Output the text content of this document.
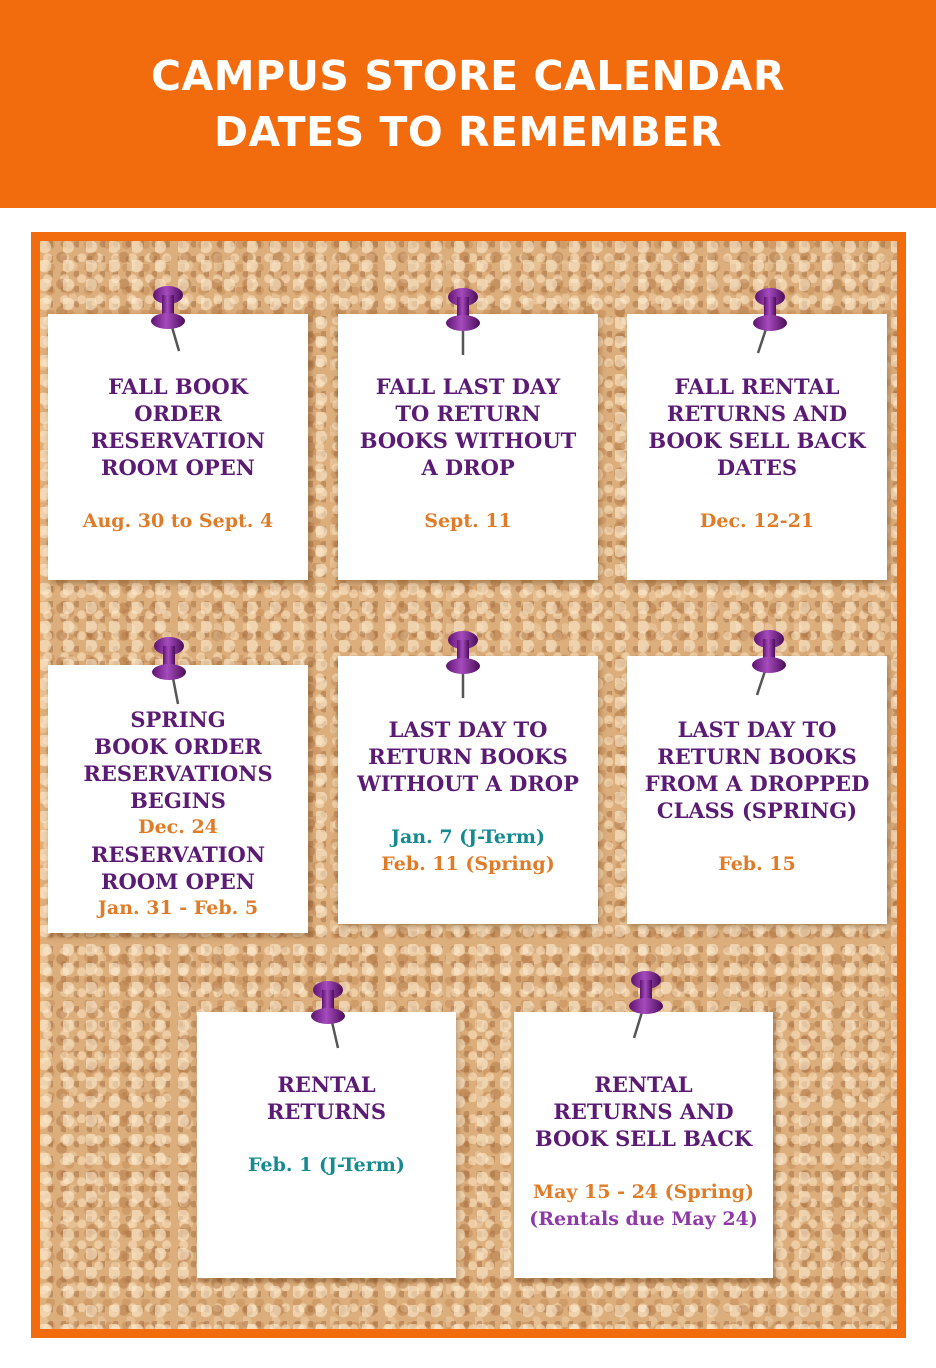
CAMPUS STORE CALENDAR
DATES TO REMEMBER
FALL BOOK
ORDER
RESERVATION
ROOM OPEN
Aug. 30 to Sept. 4
FALL LAST DAY
TO RETURN
BOOKS WITHOUT
A DROP
Sept. 11
FALL RENTAL
RETURNS AND
BOOK SELL BACK
DATES
Dec. 12-21
SPRING
BOOK ORDER
RESERVATIONS
BEGINS
Dec. 24
RESERVATION
ROOM OPEN
Jan. 31 - Feb. 5
LAST DAY TO
RETURN BOOKS
WITHOUT A DROP
Jan. 7 (J-Term)
Feb. 11 (Spring)
LAST DAY TO
RETURN BOOKS
FROM A DROPPED
CLASS (SPRING)
Feb. 15
RENTAL
RETURNS
Feb. 1 (J-Term)
RENTAL
RETURNS AND
BOOK SELL BACK
May 15 - 24 (Spring)
(Rentals due May 24)
